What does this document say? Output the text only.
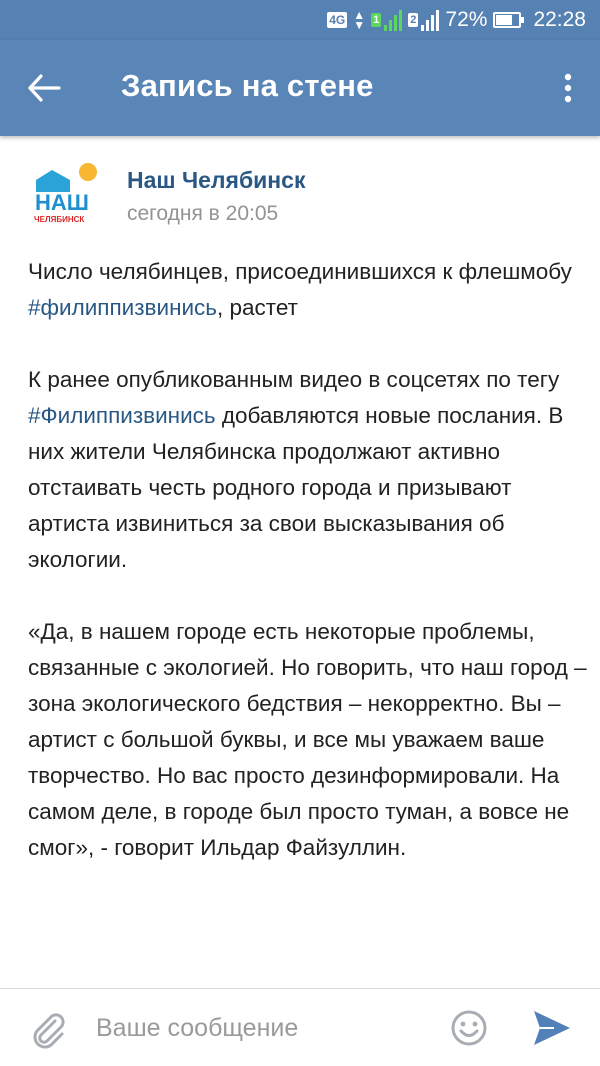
4G ▲
▼ 1	2 72% 22:28
Запись на стене
НАШ
ЧЕЛЯБИНСК
Наш Челябинск
сегодня в 20:05

Число челябинцев, присоединившихся к флешмобу #филиппизвинись, растет

К ранее опубликованным видео в соцсетях по тегу #Филиппизвинись добавляются новые послания. В них жители Челябинска продолжают активно отстаивать честь родного города и призывают артиста извиниться за свои высказывания об экологии.

«Да, в нашем городе есть некоторые проблемы, связанные с экологией. Но говорить, что наш город – зона экологического бедствия – некорректно. Вы – артист с большой буквы, и все мы уважаем ваше творчество. Но вас просто дезинформировали. На самом деле, в городе был просто туман, а вовсе не смог», - говорит Ильдар Файзуллин.

Ваше сообщение
